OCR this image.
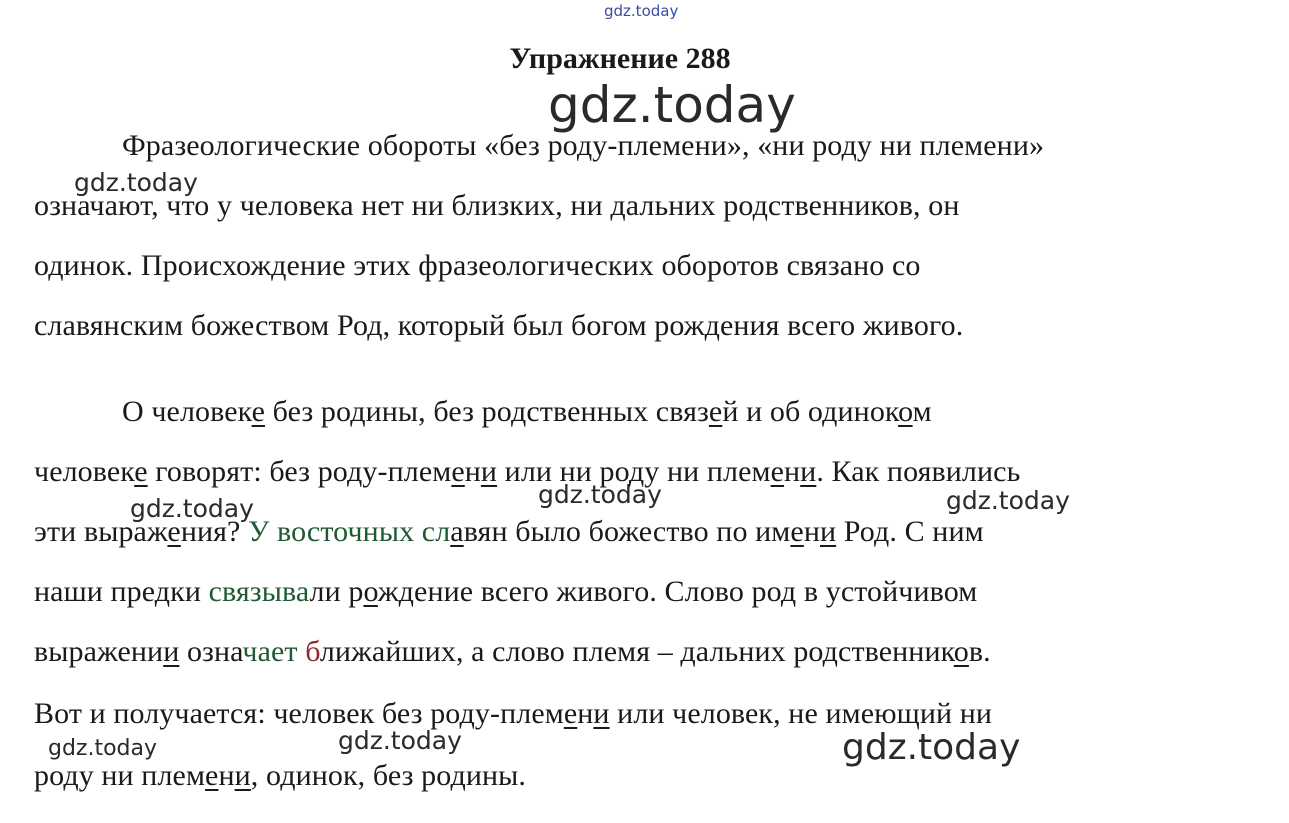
gdz.today
gdz.today
gdz.today
gdz.today	gdz.today	gdz.today
gdz.today	gdz.today	gdz.today
Упражнение 288

Фразеологические обороты «без роду-племени», «ни роду ни племени»

означают, что у человека нет ни близких, ни дальних родственников, он

одинок. Происхождение этих фразеологических оборотов связано со

славянским божеством Род, который был богом рождения всего живого.

О человеке без родины, без родственных связей и об одиноком

человеке говорят: без роду-племени или ни роду ни племени. Как появились

эти выражения? У восточных славян было божество по имени Род. С ним

наши предки связывали рождение всего живого. Слово род в устойчивом

выражении означает ближайших, а слово племя – дальних родственников.

Вот и получается: человек без роду-племени или человек, не имеющий ни

роду ни племени, одинок, без родины.
